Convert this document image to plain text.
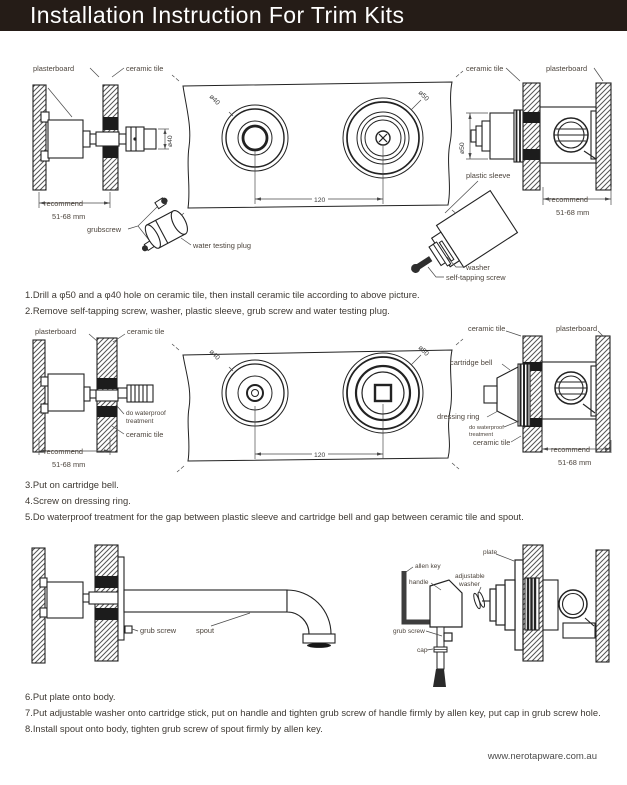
Installation Instruction For Trim Kits
ø40
plasterboard	ceramic tile
recommend
51-68 mm
ø40	ø50
120
ceramic tile	plasterboard
ø50
recommend
51-68 mm
plastic sleeve
washer
self-tapping screw
grubscrew
water testing plug
1.Drill a φ50 and a φ40 hole on ceramic tile, then install ceramic tile according to above picture.
2.Remove self-tapping screw, washer, plastic sleeve, grub screw and water testing plug.
plasterboard	ceramic tile
do waterproof
treatment
ceramic tile
recommend
51-68 mm
ø40	ø50
120
ceramic tile	plasterboard
cartridge bell
dressing ring
do waterproof
treatment
ceramic tile
recommend
51-68 mm
3.Put on cartridge bell.
4.Screw on dressing ring.
5.Do waterproof treatment for the gap between plastic sleeve and cartridge bell and gap between ceramic tile and spout.
grub screw	spout
allen key
handle
adjustable
washer
grub screw
cap
plate
6.Put plate onto body.
7.Put adjustable washer onto cartridge stick, put on handle and tighten grub screw of handle firmly by allen key, put cap in grub screw hole.
8.Install spout onto body, tighten grub screw of spout firmly by allen key.
www.nerotapware.com.au
